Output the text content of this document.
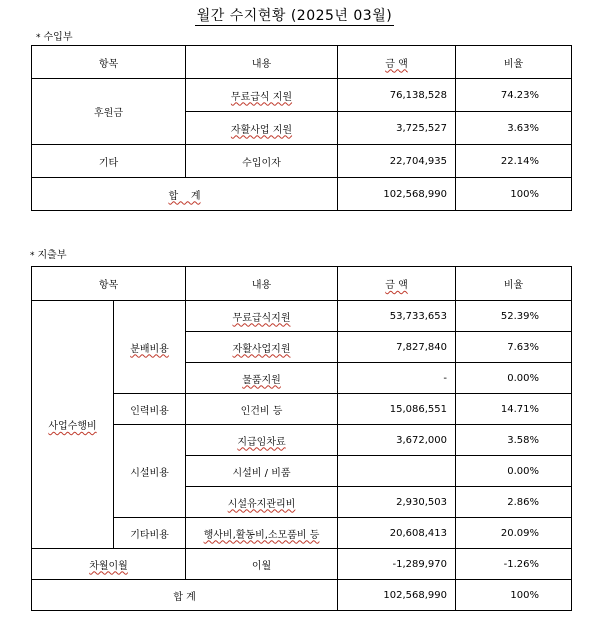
월간 수지현황 (2025년 03월)
* 수입부
항목	내용	금 액	비율
후원금	무료급식 지원	76,138,528	74.23%
	자활사업 지원	3,725,527	3.63%
기타	수입이자	22,704,935	22.14%
합    계		102,568,990	100%
* 지출부
항목		내용	금 액	비율
사업수행비	분배비용	무료급식지원	53,733,653	52.39%
		자활사업지원	7,827,840	7.63%
		물품지원	-	0.00%
	인력비용	인건비 등	15,086,551	14.71%
	시설비용	지급임차료	3,672,000	3.58%
		시설비 / 비품		0.00%
		시설유지관리비	2,930,503	2.86%
	기타비용	행사비,활동비,소모품비 등	20,608,413	20.09%
차월이월		이월	-1,289,970	-1.26%
합 계			102,568,990	100%
